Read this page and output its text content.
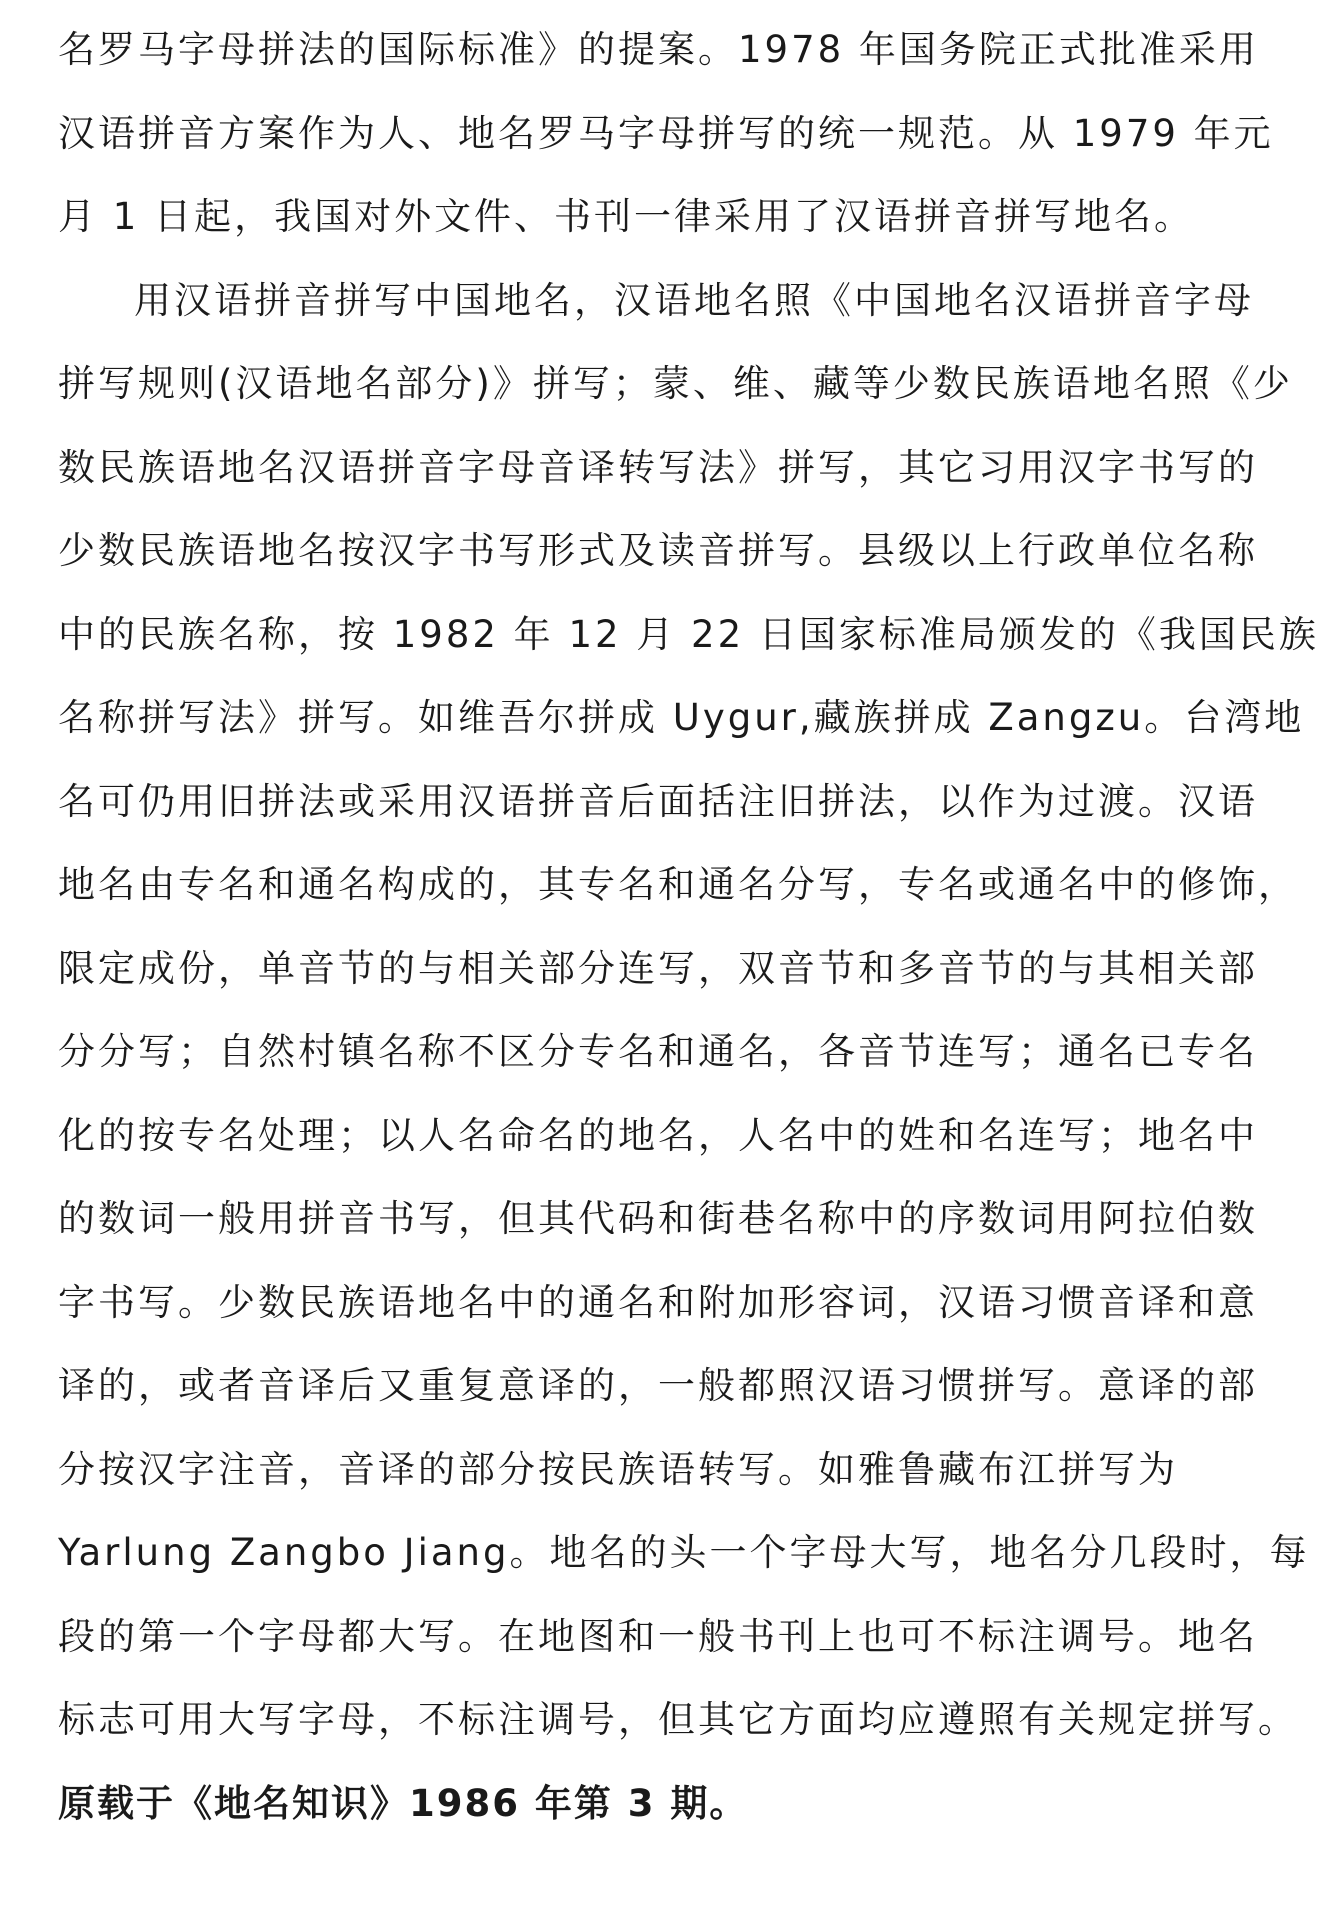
名罗马字母拼法的国际标准》的提案。1978 年国务院正式批准采用
汉语拼音方案作为人、地名罗马字母拼写的统一规范。从 1979 年元
月 1 日起，我国对外文件、书刊一律采用了汉语拼音拼写地名。
用汉语拼音拼写中国地名，汉语地名照《中国地名汉语拼音字母
拼写规则(汉语地名部分)》拼写；蒙、维、藏等少数民族语地名照《少
数民族语地名汉语拼音字母音译转写法》拼写，其它习用汉字书写的
少数民族语地名按汉字书写形式及读音拼写。县级以上行政单位名称
中的民族名称，按 1982 年 12 月 22 日国家标准局颁发的《我国民族
名称拼写法》拼写。如维吾尔拼成 Uygur,藏族拼成 Zangzu。台湾地
名可仍用旧拼法或采用汉语拼音后面括注旧拼法，以作为过渡。汉语
地名由专名和通名构成的，其专名和通名分写，专名或通名中的修饰，
限定成份，单音节的与相关部分连写，双音节和多音节的与其相关部
分分写；自然村镇名称不区分专名和通名，各音节连写；通名已专名
化的按专名处理；以人名命名的地名，人名中的姓和名连写；地名中
的数词一般用拼音书写，但其代码和街巷名称中的序数词用阿拉伯数
字书写。少数民族语地名中的通名和附加形容词，汉语习惯音译和意
译的，或者音译后又重复意译的，一般都照汉语习惯拼写。意译的部
分按汉字注音，音译的部分按民族语转写。如雅鲁藏布江拼写为
Yarlung Zangbo Jiang。地名的头一个字母大写，地名分几段时，每
段的第一个字母都大写。在地图和一般书刊上也可不标注调号。地名
标志可用大写字母，不标注调号，但其它方面均应遵照有关规定拼写。
原载于《地名知识》1986 年第 3 期。
